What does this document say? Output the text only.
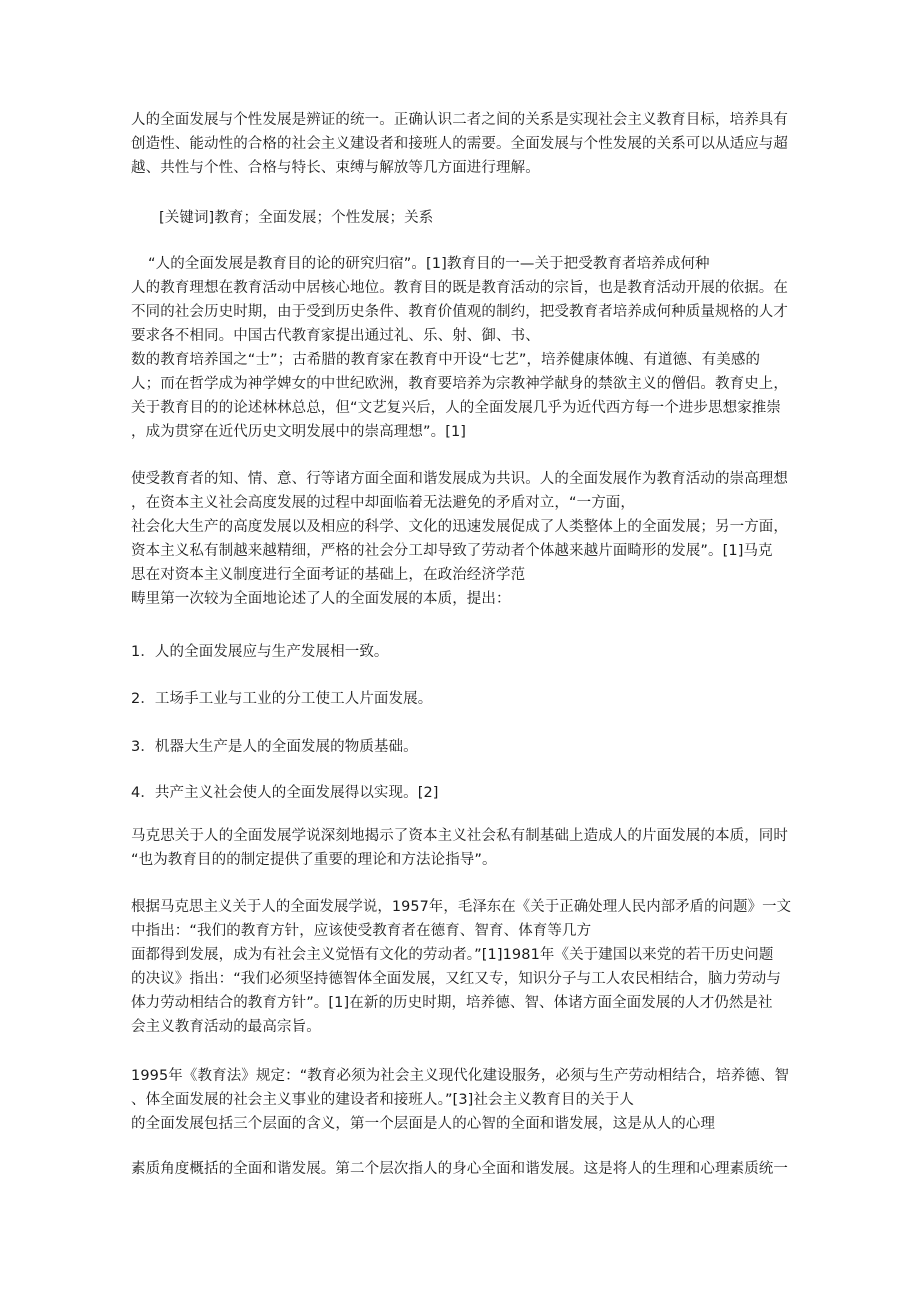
人的全面发展与个性发展是辨证的统一。正确认识二者之间的关系是实现社会主义教育目标，培养具有
创造性、能动性的合格的社会主义建设者和接班人的需要。全面发展与个性发展的关系可以从适应与超
越、共性与个性、合格与特长、束缚与解放等几方面进行理解。
[关键词]教育；全面发展；个性发展；关系
“人的全面发展是教育目的论的研究归宿”。[1]教育目的一—关于把受教育者培养成何种
人的教育理想在教育活动中居核心地位。教育目的既是教育活动的宗旨，也是教育活动开展的依据。在
不同的社会历史时期，由于受到历史条件、教育价值观的制约，把受教育者培养成何种质量规格的人才
要求各不相同。中国古代教育家提出通过礼、乐、射、御、书、
数的教育培养国之“士”；古希腊的教育家在教育中开设“七艺”，培养健康体魄、有道德、有美感的
人；而在哲学成为神学婢女的中世纪欧洲，教育要培养为宗教神学献身的禁欲主义的僧侣。教育史上，
关于教育目的的论述林林总总，但“文艺复兴后，人的全面发展几乎为近代西方每一个进步思想家推崇
，成为贯穿在近代历史文明发展中的崇高理想”。[1]
使受教育者的知、情、意、行等诸方面全面和谐发展成为共识。人的全面发展作为教育活动的崇高理想
，在资本主义社会高度发展的过程中却面临着无法避免的矛盾对立，“一方面，
社会化大生产的高度发展以及相应的科学、文化的迅速发展促成了人类整体上的全面发展；另一方面，
资本主义私有制越来越精细，严格的社会分工却导致了劳动者个体越来越片面畸形的发展”。[1]马克
思在对资本主义制度进行全面考证的基础上，在政治经济学范
畴里第一次较为全面地论述了人的全面发展的本质，提出：
1．人的全面发展应与生产发展相一致。
2．工场手工业与工业的分工使工人片面发展。
3．机器大生产是人的全面发展的物质基础。
4．共产主义社会使人的全面发展得以实现。[2]
马克思关于人的全面发展学说深刻地揭示了资本主义社会私有制基础上造成人的片面发展的本质，同时
“也为教育目的的制定提供了重要的理论和方法论指导”。
根据马克思主义关于人的全面发展学说，1957年，毛泽东在《关于正确处理人民内部矛盾的问题》一文
中指出：“我们的教育方针，应该使受教育者在德育、智育、体育等几方
面都得到发展，成为有社会主义觉悟有文化的劳动者。”[1]1981年《关于建国以来党的若干历史问题
的决议》指出：“我们必须坚持德智体全面发展，又红又专，知识分子与工人农民相结合，脑力劳动与
体力劳动相结合的教育方针”。[1]在新的历史时期，培养德、智、体诸方面全面发展的人才仍然是社
会主义教育活动的最高宗旨。
1995年《教育法》规定：“教育必须为社会主义现代化建设服务，必须与生产劳动相结合，培养德、智
、体全面发展的社会主义事业的建设者和接班人。”[3]社会主义教育目的关于人
的全面发展包括三个层面的含义，第一个层面是人的心智的全面和谐发展，这是从人的心理
素质角度概括的全面和谐发展。第二个层次指人的身心全面和谐发展。这是将人的生理和心理素质统一
